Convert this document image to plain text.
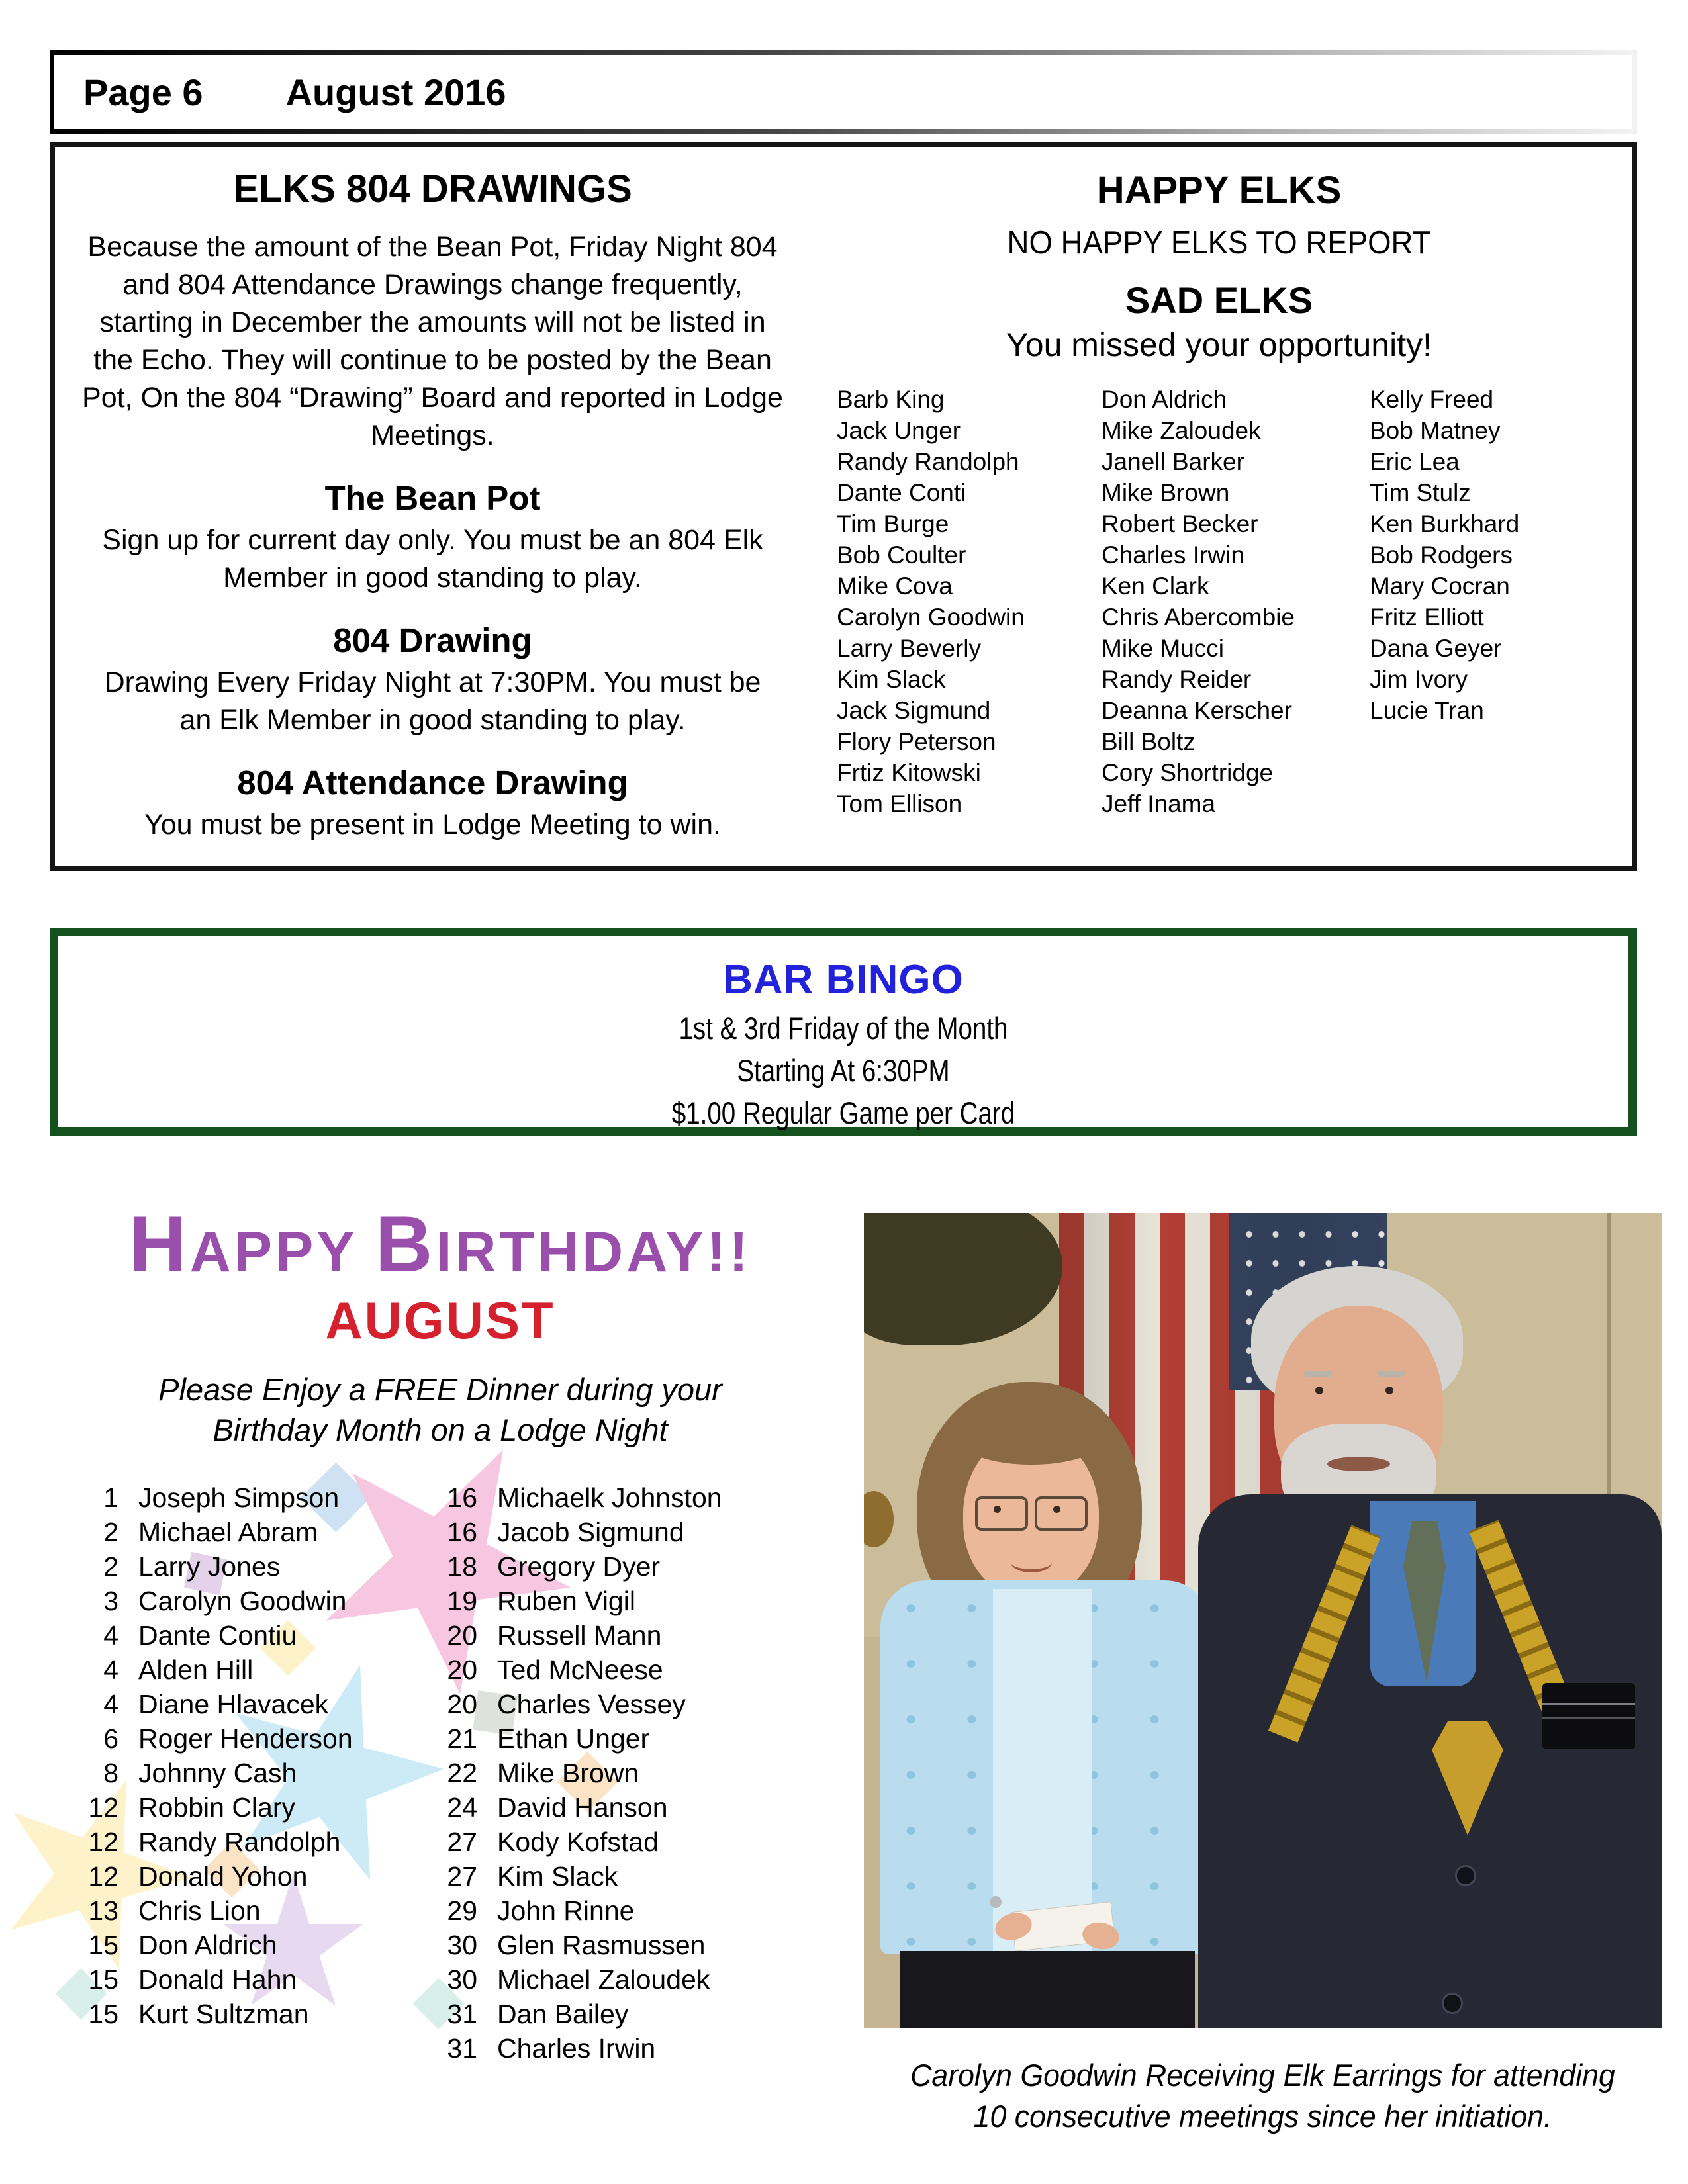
Page 6 August 2016
ELKS 804 DRAWINGS

Because the amount of the Bean Pot, Friday Night 804 and 804 Attendance Drawings change frequently, starting in December the amounts will not be listed in the Echo. They will continue to be posted by the Bean Pot, On the 804 “Drawing” Board and reported in Lodge Meetings.

The Bean Pot

Sign up for current day only. You must be an 804 Elk Member in good standing to play.

804 Drawing

Drawing Every Friday Night at 7:30PM. You must be an Elk Member in good standing to play.

804 Attendance Drawing

You must be present in Lodge Meeting to win.

HAPPY ELKS

NO HAPPY ELKS TO REPORT

SAD ELKS

You missed your opportunity!

Barb King
Jack Unger
Randy Randolph
Dante Conti
Tim Burge
Bob Coulter
Mike Cova
Carolyn Goodwin
Larry Beverly
Kim Slack
Jack Sigmund
Flory Peterson
Frtiz Kitowski
Tom Ellison
Don Aldrich
Mike Zaloudek
Janell Barker
Mike Brown
Robert Becker
Charles Irwin
Ken Clark
Chris Abercombie
Mike Mucci
Randy Reider
Deanna Kerscher
Bill Boltz
Cory Shortridge
Jeff Inama
Kelly Freed
Bob Matney
Eric Lea
Tim Stulz
Ken Burkhard
Bob Rodgers
Mary Cocran
Fritz Elliott
Dana Geyer
Jim Ivory
Lucie Tran
BAR BINGO

1st & 3rd Friday of the Month

Starting At 6:30PM

$1.00 Regular Game per Card

HAPPY BIRTHDAY!!
AUGUST

Please Enjoy a FREE Dinner during your

Birthday Month on a Lodge Night

1 Joseph Simpson
2 Michael Abram
2 Larry Jones
3 Carolyn Goodwin
4 Dante Contiu
4 Alden Hill
4 Diane Hlavacek
6 Roger Henderson
8 Johnny Cash
12 Robbin Clary
12 Randy Randolph
12 Donald Yohon
13 Chris Lion
15 Don Aldrich
15 Donald Hahn
15 Kurt Sultzman
16 Michaelk Johnston
16 Jacob Sigmund
18 Gregory Dyer
19 Ruben Vigil
20 Russell Mann
20 Ted McNeese
20 Charles Vessey
21 Ethan Unger
22 Mike Brown
24 David Hanson
27 Kody Kofstad
27 Kim Slack
29 John Rinne
30 Glen Rasmussen
30 Michael Zaloudek
31 Dan Bailey
31 Charles Irwin

Carolyn Goodwin Receiving Elk Earrings for attending

10 consecutive meetings since her initiation.
